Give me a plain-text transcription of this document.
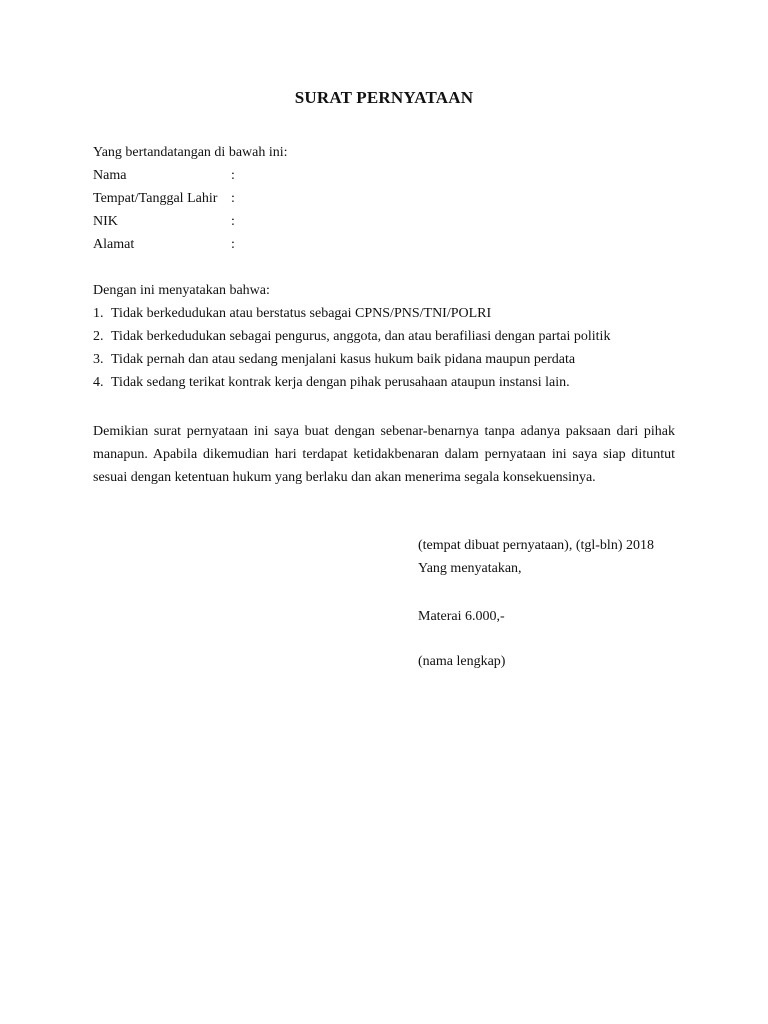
SURAT PERNYATAAN
Yang bertandatangan di bawah ini:
Nama	:
Tempat/Tanggal Lahir :
NIK	:
Alamat	:
Dengan ini menyatakan bahwa:
1. Tidak berkedudukan atau berstatus sebagai CPNS/PNS/TNI/POLRI
2. Tidak berkedudukan sebagai pengurus, anggota, dan atau berafiliasi dengan partai politik
3. Tidak pernah dan atau sedang menjalani kasus hukum baik pidana maupun perdata
4. Tidak sedang terikat kontrak kerja dengan pihak perusahaan ataupun instansi lain.
Demikian surat pernyataan ini saya buat dengan sebenar-benarnya tanpa adanya paksaan dari pihak manapun. Apabila dikemudian hari terdapat ketidakbenaran dalam pernyataan ini saya siap dituntut sesuai dengan ketentuan hukum yang berlaku dan akan menerima segala konsekuensinya.
(tempat dibuat pernyataan), (tgl-bln) 2018
Yang menyatakan,
Materai 6.000,-
(nama lengkap)
